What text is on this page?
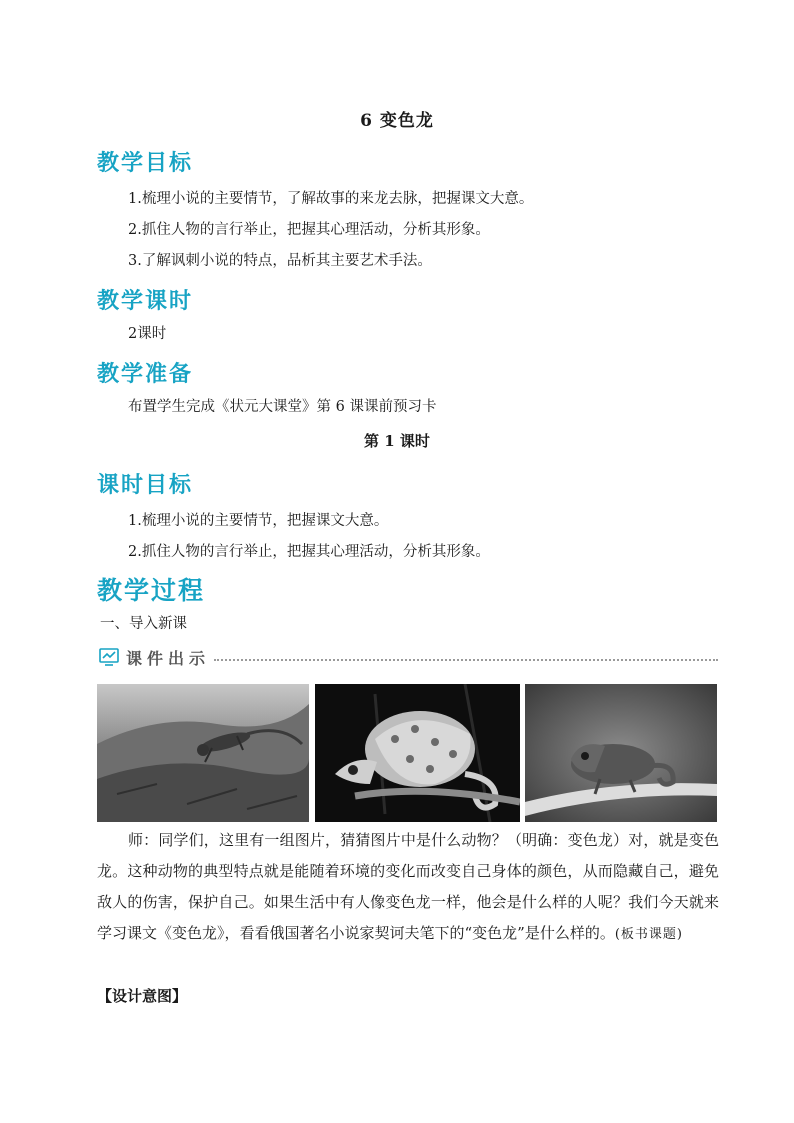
6 变色龙
教学目标

1.梳理小说的主要情节，了解故事的来龙去脉，把握课文大意。

2.抓住人物的言行举止，把握其心理活动，分析其形象。

3.了解讽刺小说的特点，品析其主要艺术手法。

教学课时

2课时

教学准备

布置学生完成《状元大课堂》第 6 课课前预习卡

第 1 课时

课时目标

1.梳理小说的主要情节，把握课文大意。

2.抓住人物的言行举止，把握其心理活动，分析其形象。

教学过程

一、导入新课

课件出示

师：同学们，这里有一组图片，猜猜图片中是什么动物？（明确：变色龙）对，就是变色龙。这种动物的典型特点就是能随着环境的变化而改变自己身体的颜色，从而隐藏自己，避免敌人的伤害，保护自己。如果生活中有人像变色龙一样，他会是什么样的人呢？我们今天就来学习课文《变色龙》，看看俄国著名小说家契诃夫笔下的“变色龙”是什么样的。(板书课题)

【设计意图】
